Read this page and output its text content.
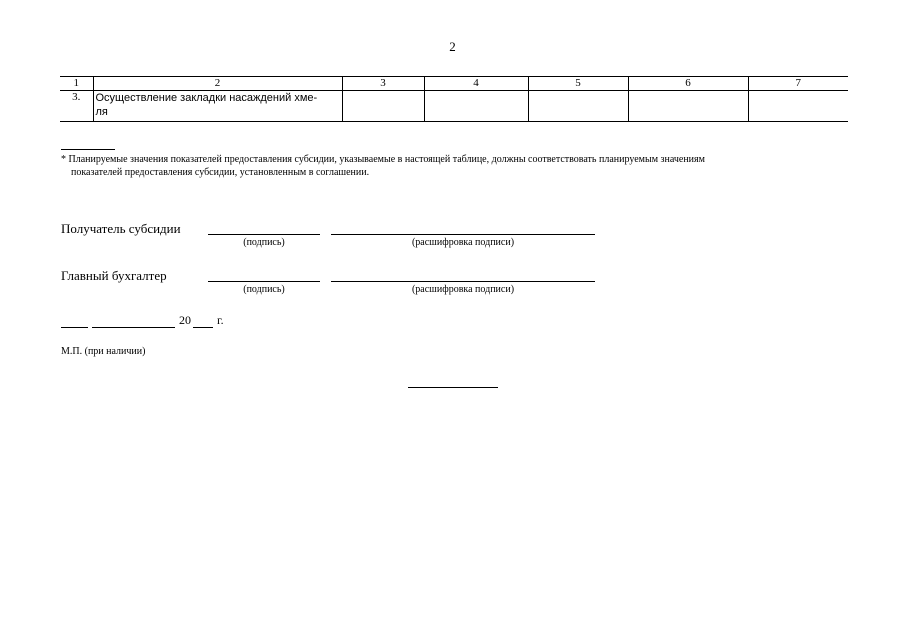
2
1	2	3	4	5	6	7
3.	Осуществление закладки насаждений хме-
ля					
* Планируемые значения показателей предоставления субсидии, указываемые в настоящей таблице, должны соответствовать планируемым значениям
показателей предоставления субсидии, установленным в соглашении.
Получатель субсидии
(подпись)	(расшифровка подписи)
Главный бухгалтер
(подпись)	(расшифровка подписи)
20 г.
М.П. (при наличии)
